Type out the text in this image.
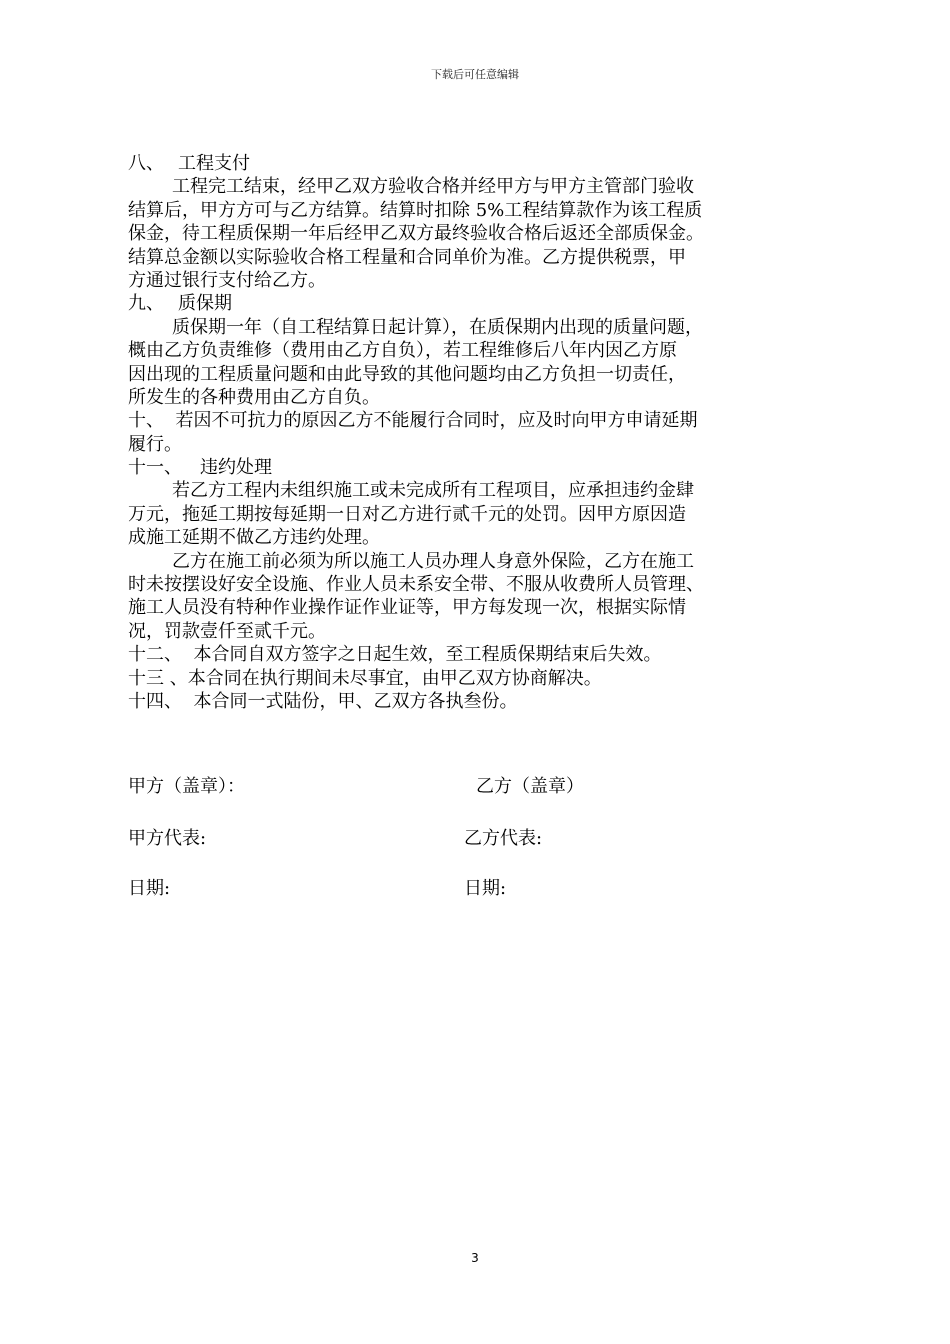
下载后可任意编辑
八、 工程支付
工程完工结束，经甲乙双方验收合格并经甲方与甲方主管部门验收
结算后，甲方方可与乙方结算。结算时扣除 5%工程结算款作为该工程质
保金，待工程质保期一年后经甲乙双方最终验收合格后返还全部质保金。
结算总金额以实际验收合格工程量和合同单价为准。乙方提供税票，甲
方通过银行支付给乙方。
九、 质保期
质保期一年（自工程结算日起计算），在质保期内出现的质量问题，
概由乙方负责维修（费用由乙方自负），若工程维修后八年内因乙方原
因出现的工程质量问题和由此导致的其他问题均由乙方负担一切责任，
所发生的各种费用由乙方自负。
十、  若因不可抗力的原因乙方不能履行合同时，应及时向甲方申请延期
履行。
十一、 违约处理
若乙方工程内未组织施工或未完成所有工程项目，应承担违约金肆
万元，拖延工期按每延期一日对乙方进行贰千元的处罚。因甲方原因造
成施工延期不做乙方违约处理。
乙方在施工前必须为所以施工人员办理人身意外保险，乙方在施工
时未按摆设好安全设施、作业人员未系安全带、不服从收费所人员管理、
施工人员没有特种作业操作证作业证等，甲方每发现一次，根据实际情
况，罚款壹仟至贰千元。
十二、  本合同自双方签字之日起生效，至工程质保期结束后失效。
十三 、本合同在执行期间未尽事宜，由甲乙双方协商解决。
十四、  本合同一式陆份，甲、乙双方各执叁份。
甲方（盖章）：	乙方（盖章）
甲方代表:	乙方代表:
日期:	日期:
3
